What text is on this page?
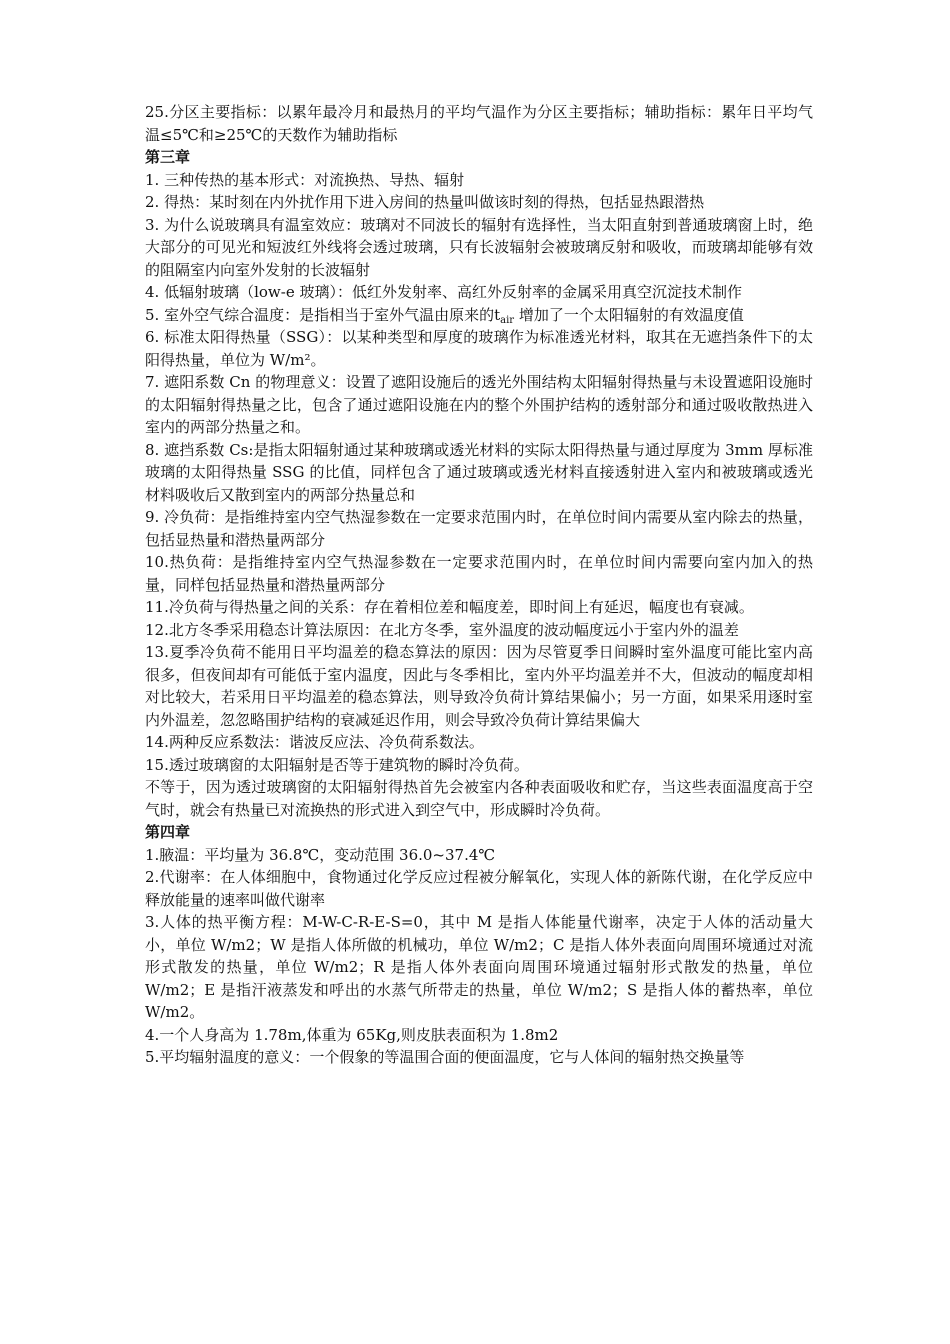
25.分区主要指标：以累年最冷月和最热月的平均气温作为分区主要指标；辅助指标：累年日平均气温≤5℃和≥25℃的天数作为辅助指标

第三章

1. 三种传热的基本形式：对流换热、导热、辐射

2. 得热：某时刻在内外扰作用下进入房间的热量叫做该时刻的得热，包括显热跟潜热

3. 为什么说玻璃具有温室效应：玻璃对不同波长的辐射有选择性，当太阳直射到普通玻璃窗上时，绝大部分的可见光和短波红外线将会透过玻璃，只有长波辐射会被玻璃反射和吸收，而玻璃却能够有效的阻隔室内向室外发射的长波辐射

4. 低辐射玻璃（low-e 玻璃）：低红外发射率、高红外反射率的金属采用真空沉淀技术制作

5. 室外空气综合温度：是指相当于室外气温由原来的$t_{air}$ 增加了一个太阳辐射的有效温度值

6. 标准太阳得热量（SSG）：以某种类型和厚度的玻璃作为标准透光材料，取其在无遮挡条件下的太阳得热量，单位为 W/m²。

7. 遮阳系数 Cn 的物理意义：设置了遮阳设施后的透光外围结构太阳辐射得热量与未设置遮阳设施时的太阳辐射得热量之比，包含了通过遮阳设施在内的整个外围护结构的透射部分和通过吸收散热进入室内的两部分热量之和。

8. 遮挡系数 Cs:是指太阳辐射通过某种玻璃或透光材料的实际太阳得热量与通过厚度为 3mm 厚标准玻璃的太阳得热量 SSG 的比值，同样包含了通过玻璃或透光材料直接透射进入室内和被玻璃或透光材料吸收后又散到室内的两部分热量总和

9. 冷负荷：是指维持室内空气热湿参数在一定要求范围内时，在单位时间内需要从室内除去的热量，包括显热量和潜热量两部分

10.热负荷：是指维持室内空气热湿参数在一定要求范围内时，在单位时间内需要向室内加入的热量，同样包括显热量和潜热量两部分

11.冷负荷与得热量之间的关系：存在着相位差和幅度差，即时间上有延迟，幅度也有衰减。

12.北方冬季采用稳态计算法原因：在北方冬季，室外温度的波动幅度远小于室内外的温差

13.夏季冷负荷不能用日平均温差的稳态算法的原因：因为尽管夏季日间瞬时室外温度可能比室内高很多，但夜间却有可能低于室内温度，因此与冬季相比，室内外平均温差并不大，但波动的幅度却相对比较大，若采用日平均温差的稳态算法，则导致冷负荷计算结果偏小；另一方面，如果采用逐时室内外温差，忽忽略围护结构的衰减延迟作用，则会导致冷负荷计算结果偏大

14.两种反应系数法：谐波反应法、冷负荷系数法。

15.透过玻璃窗的太阳辐射是否等于建筑物的瞬时冷负荷。

不等于，因为透过玻璃窗的太阳辐射得热首先会被室内各种表面吸收和贮存，当这些表面温度高于空气时，就会有热量已对流换热的形式进入到空气中，形成瞬时冷负荷。

第四章

1.腋温：平均量为 36.8℃，变动范围 36.0~37.4℃

2.代谢率：在人体细胞中，食物通过化学反应过程被分解氧化，实现人体的新陈代谢，在化学反应中释放能量的速率叫做代谢率

3.人体的热平衡方程：M-W-C-R-E-S=0，其中 M 是指人体能量代谢率，决定于人体的活动量大小，单位 W/m2；W 是指人体所做的机械功，单位 W/m2；C 是指人体外表面向周围环境通过对流形式散发的热量，单位 W/m2；R 是指人体外表面向周围环境通过辐射形式散发的热量，单位 W/m2；E 是指汗液蒸发和呼出的水蒸气所带走的热量，单位 W/m2；S 是指人体的蓄热率，单位 W/m2。

4.一个人身高为 1.78m,体重为 65Kg,则皮肤表面积为 1.8m2

5.平均辐射温度的意义：一个假象的等温围合面的便面温度，它与人体间的辐射热交换量等
